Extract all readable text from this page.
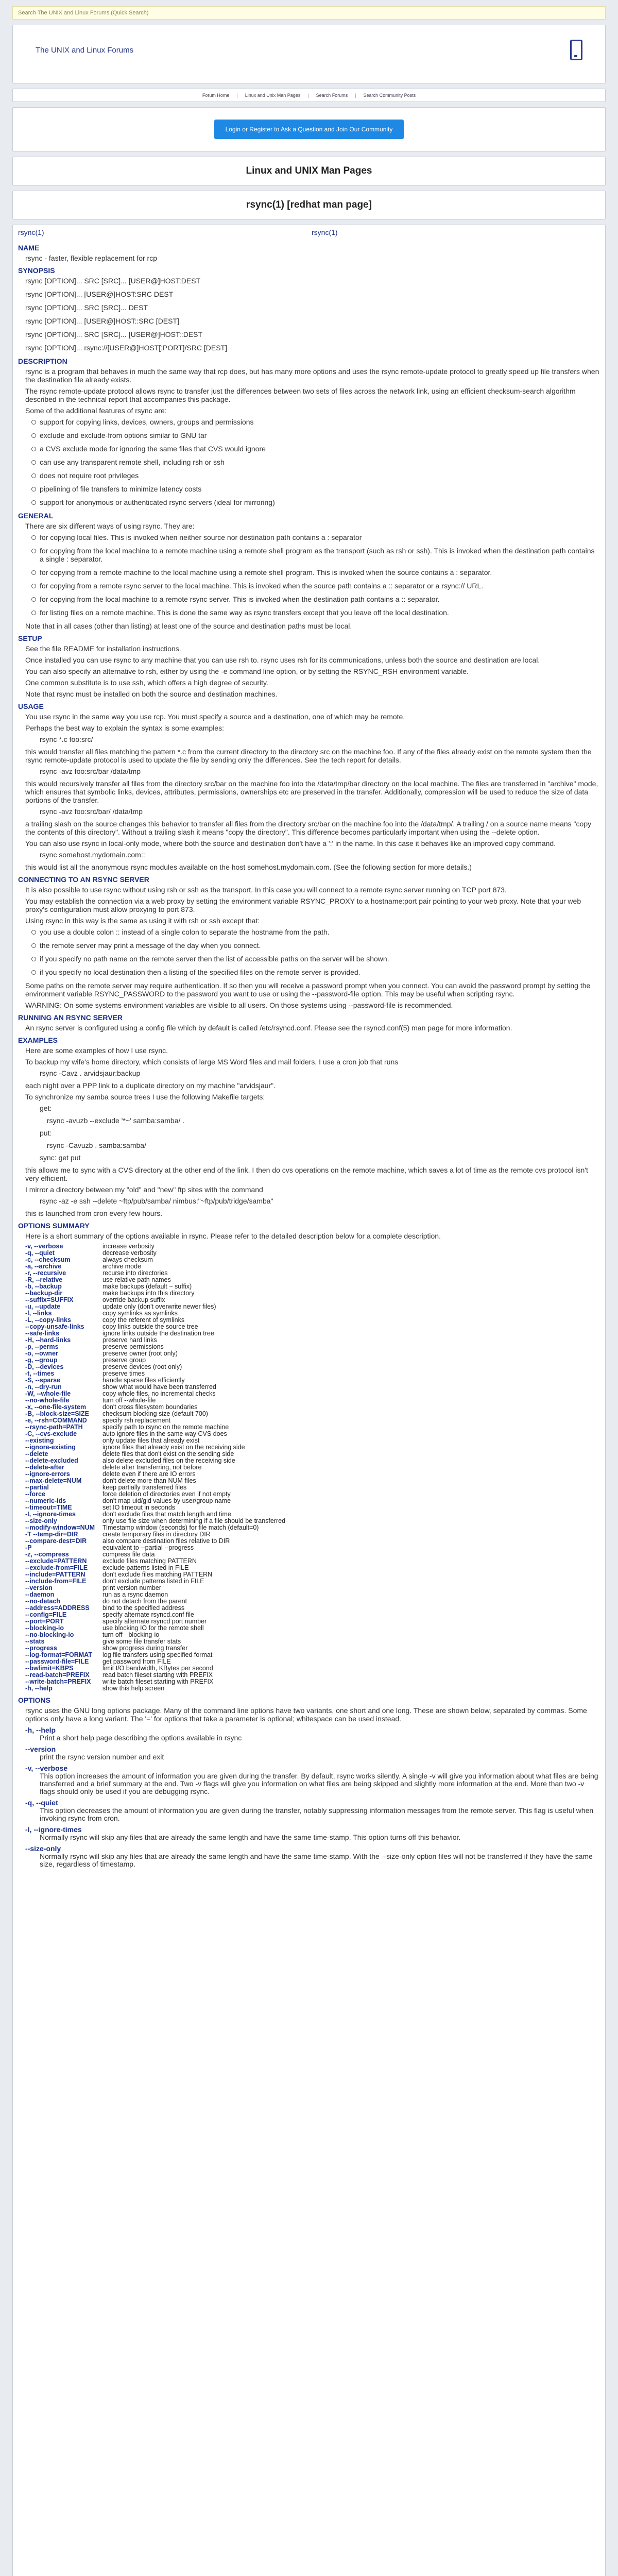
Search The UNIX and Linux Forums (Quick Search)
The UNIX and Linux Forums
Forum Home | Linux and Unix Man Pages | Search Forums | Search Community Posts
Login or Register to Ask a Question and Join Our Community
Linux and UNIX Man Pages
rsync(1) [redhat man page]
rsync(1)	rsync(1)
NAME
rsync - faster, flexible replacement for rcp
SYNOPSIS
rsync [OPTION]... SRC [SRC]... [USER@]HOST:DEST
rsync [OPTION]... [USER@]HOST:SRC DEST
rsync [OPTION]... SRC [SRC]... DEST
rsync [OPTION]... [USER@]HOST::SRC [DEST]
rsync [OPTION]... SRC [SRC]... [USER@]HOST::DEST
rsync [OPTION]... rsync://[USER@]HOST[:PORT]/SRC [DEST]
DESCRIPTION
rsync is a program that behaves in much the same way that rcp does, but has many more options and uses the rsync remote-update protocol to greatly speed up file transfers when the destination file already exists.
The rsync remote-update protocol allows rsync to transfer just the differences between two sets of files across the network link, using an efficient checksum-search algorithm described in the technical report that accompanies this package.
Some of the additional features of rsync are:
support for copying links, devices, owners, groups and permissions
exclude and exclude-from options similar to GNU tar
a CVS exclude mode for ignoring the same files that CVS would ignore
can use any transparent remote shell, including rsh or ssh
does not require root privileges
pipelining of file transfers to minimize latency costs
support for anonymous or authenticated rsync servers (ideal for mirroring)
GENERAL
There are six different ways of using rsync. They are:
for copying local files. This is invoked when neither source nor destination path contains a : separator
for copying from the local machine to a remote machine using a remote shell program as the transport (such as rsh or ssh). This is invoked when the destination path contains a single : separator.
for copying from a remote machine to the local machine using a remote shell program. This is invoked when the source contains a : separator.
for copying from a remote rsync server to the local machine. This is invoked when the source path contains a :: separator or a rsync:// URL.
for copying from the local machine to a remote rsync server. This is invoked when the destination path contains a :: separator.
for listing files on a remote machine. This is done the same way as rsync transfers except that you leave off the local destination.
Note that in all cases (other than listing) at least one of the source and destination paths must be local.
SETUP
See the file README for installation instructions.
Once installed you can use rsync to any machine that you can use rsh to. rsync uses rsh for its communications, unless both the source and destination are local.
You can also specify an alternative to rsh, either by using the -e command line option, or by setting the RSYNC_RSH environment variable.
One common substitute is to use ssh, which offers a high degree of security.
Note that rsync must be installed on both the source and destination machines.
USAGE
You use rsync in the same way you use rcp. You must specify a source and a destination, one of which may be remote.
Perhaps the best way to explain the syntax is some examples:
rsync *.c foo:src/
this would transfer all files matching the pattern *.c from the current directory to the directory src on the machine foo. If any of the files already exist on the remote system then the rsync remote-update protocol is used to update the file by sending only the differences. See the tech report for details.
rsync -avz foo:src/bar /data/tmp
this would recursively transfer all files from the directory src/bar on the machine foo into the /data/tmp/bar directory on the local machine. The files are transferred in "archive" mode, which ensures that symbolic links, devices, attributes, permissions, ownerships etc are preserved in the transfer. Additionally, compression will be used to reduce the size of data portions of the transfer.
rsync -avz foo:src/bar/ /data/tmp
a trailing slash on the source changes this behavior to transfer all files from the directory src/bar on the machine foo into the /data/tmp/. A trailing / on a source name means "copy the contents of this directory". Without a trailing slash it means "copy the directory". This difference becomes particularly important when using the --delete option.
You can also use rsync in local-only mode, where both the source and destination don't have a ':' in the name. In this case it behaves like an improved copy command.
rsync somehost.mydomain.com::
this would list all the anonymous rsync modules available on the host somehost.mydomain.com. (See the following section for more details.)
CONNECTING TO AN RSYNC SERVER
It is also possible to use rsync without using rsh or ssh as the transport. In this case you will connect to a remote rsync server running on TCP port 873.
You may establish the connection via a web proxy by setting the environment variable RSYNC_PROXY to a hostname:port pair pointing to your web proxy. Note that your web proxy's configuration must allow proxying to port 873.
Using rsync in this way is the same as using it with rsh or ssh except that:
you use a double colon :: instead of a single colon to separate the hostname from the path.
the remote server may print a message of the day when you connect.
if you specify no path name on the remote server then the list of accessible paths on the server will be shown.
if you specify no local destination then a listing of the specified files on the remote server is provided.
Some paths on the remote server may require authentication. If so then you will receive a password prompt when you connect. You can avoid the password prompt by setting the environment variable RSYNC_PASSWORD to the password you want to use or using the --password-file option. This may be useful when scripting rsync.
WARNING: On some systems environment variables are visible to all users. On those systems using --password-file is recommended.
RUNNING AN RSYNC SERVER
An rsync server is configured using a config file which by default is called /etc/rsyncd.conf. Please see the rsyncd.conf(5) man page for more information.
EXAMPLES
Here are some examples of how I use rsync.
To backup my wife's home directory, which consists of large MS Word files and mail folders, I use a cron job that runs
rsync -Cavz . arvidsjaur:backup
each night over a PPP link to a duplicate directory on my machine "arvidsjaur".
To synchronize my samba source trees I use the following Makefile targets:
get:
rsync -avuzb --exclude '*~' samba:samba/ .
put:
rsync -Cavuzb . samba:samba/
sync: get put
this allows me to sync with a CVS directory at the other end of the link. I then do cvs operations on the remote machine, which saves a lot of time as the remote cvs protocol isn't very efficient.
I mirror a directory between my "old" and "new" ftp sites with the command
rsync -az -e ssh --delete ~ftp/pub/samba/ nimbus:"~ftp/pub/tridge/samba"
this is launched from cron every few hours.
OPTIONS SUMMARY
Here is a short summary of the options available in rsync. Please refer to the detailed description below for a complete description.
-v, --verbose	increase verbosity
-q, --quiet	decrease verbosity
-c, --checksum	always checksum
-a, --archive	archive mode
-r, --recursive	recurse into directories
-R, --relative	use relative path names
-b, --backup	make backups (default ~ suffix)
--backup-dir	make backups into this directory
--suffix=SUFFIX	override backup suffix
-u, --update	update only (don't overwrite newer files)
-l, --links	copy symlinks as symlinks
-L, --copy-links	copy the referent of symlinks
--copy-unsafe-links	copy links outside the source tree
--safe-links	ignore links outside the destination tree
-H, --hard-links	preserve hard links
-p, --perms	preserve permissions
-o, --owner	preserve owner (root only)
-g, --group	preserve group
-D, --devices	preserve devices (root only)
-t, --times	preserve times
-S, --sparse	handle sparse files efficiently
-n, --dry-run	show what would have been transferred
-W, --whole-file	copy whole files, no incremental checks
--no-whole-file	turn off --whole-file
-x, --one-file-system	don't cross filesystem boundaries
-B, --block-size=SIZE	checksum blocking size (default 700)
-e, --rsh=COMMAND	specify rsh replacement
--rsync-path=PATH	specify path to rsync on the remote machine
-C, --cvs-exclude	auto ignore files in the same way CVS does
--existing	only update files that already exist
--ignore-existing	ignore files that already exist on the receiving side
--delete	delete files that don't exist on the sending side
--delete-excluded	also delete excluded files on the receiving side
--delete-after	delete after transferring, not before
--ignore-errors	delete even if there are IO errors
--max-delete=NUM	don't delete more than NUM files
--partial	keep partially transferred files
--force	force deletion of directories even if not empty
--numeric-ids	don't map uid/gid values by user/group name
--timeout=TIME	set IO timeout in seconds
-I, --ignore-times	don't exclude files that match length and time
--size-only	only use file size when determining if a file should be transferred
--modify-window=NUM	Timestamp window (seconds) for file match (default=0)
-T --temp-dir=DIR	create temporary files in directory DIR
--compare-dest=DIR	also compare destination files relative to DIR
-P	equivalent to --partial --progress
-z, --compress	compress file data
--exclude=PATTERN	exclude files matching PATTERN
--exclude-from=FILE	exclude patterns listed in FILE
--include=PATTERN	don't exclude files matching PATTERN
--include-from=FILE	don't exclude patterns listed in FILE
--version	print version number
--daemon	run as a rsync daemon
--no-detach	do not detach from the parent
--address=ADDRESS	bind to the specified address
--config=FILE	specify alternate rsyncd.conf file
--port=PORT	specify alternate rsyncd port number
--blocking-io	use blocking IO for the remote shell
--no-blocking-io	turn off --blocking-io
--stats	give some file transfer stats
--progress	show progress during transfer
--log-format=FORMAT	log file transfers using specified format
--password-file=FILE	get password from FILE
--bwlimit=KBPS	limit I/O bandwidth, KBytes per second
--read-batch=PREFIX	read batch fileset starting with PREFIX
--write-batch=PREFIX	write batch fileset starting with PREFIX
-h, --help	show this help screen
OPTIONS
rsync uses the GNU long options package. Many of the command line options have two variants, one short and one long. These are shown below, separated by commas. Some options only have a long variant. The '=' for options that take a parameter is optional; whitespace can be used instead.
-h, --help
Print a short help page describing the options available in rsync
--version
print the rsync version number and exit
-v, --verbose
This option increases the amount of information you are given during the transfer. By default, rsync works silently. A single -v will give you information about what files are being transferred and a brief summary at the end. Two -v flags will give you information on what files are being skipped and slightly more information at the end. More than two -v flags should only be used if you are debugging rsync.
-q, --quiet
This option decreases the amount of information you are given during the transfer, notably suppressing information messages from the remote server. This flag is useful when invoking rsync from cron.
-I, --ignore-times
Normally rsync will skip any files that are already the same length and have the same time-stamp. This option turns off this behavior.
--size-only
Normally rsync will skip any files that are already the same length and have the same time-stamp. With the --size-only option files will not be transferred if they have the same size, regardless of timestamp.
